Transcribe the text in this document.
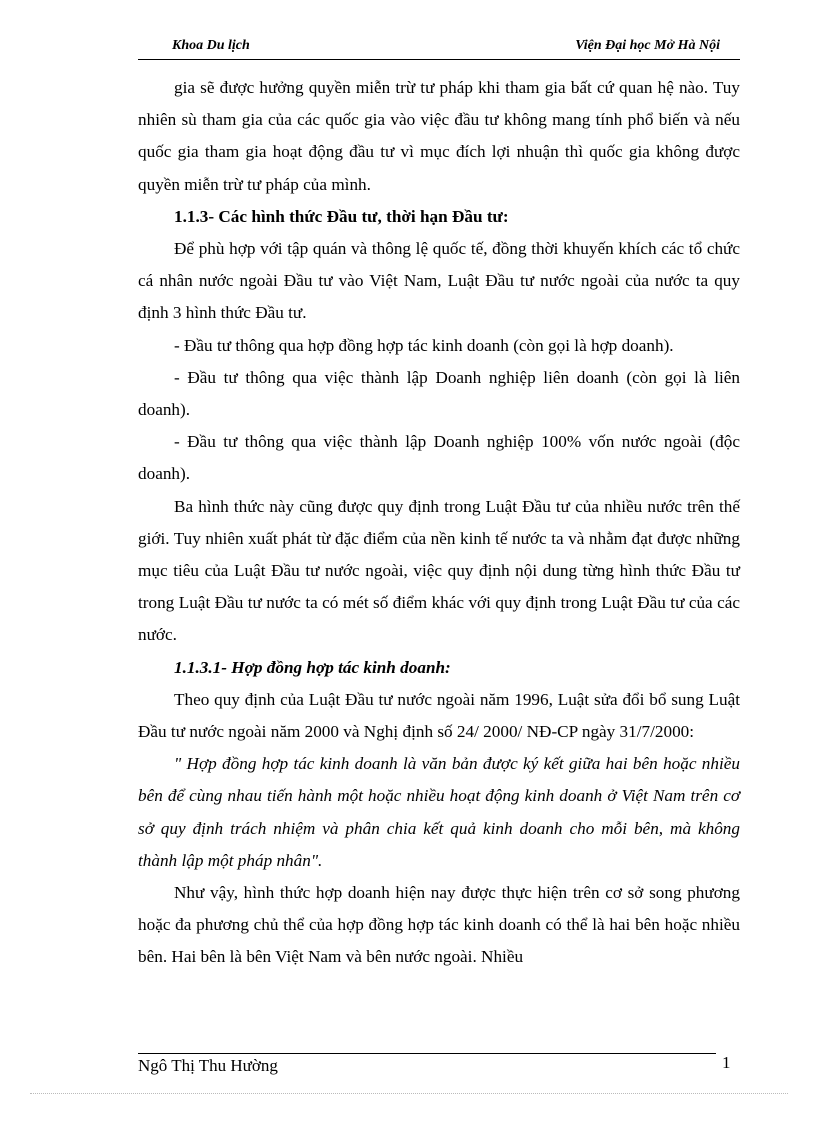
Khoa Du lịch	Viện Đại học Mở Hà Nội

gia sẽ được hưởng quyền miễn trừ tư pháp khi tham gia bất cứ quan hệ nào. Tuy nhiên sù tham gia của các quốc gia vào việc đầu tư không mang tính phổ biến và nếu quốc gia tham gia hoạt động đầu tư vì mục đích lợi nhuận thì quốc gia không được quyền miễn trừ tư pháp của mình.

1.1.3- Các hình thức Đầu tư, thời hạn Đầu tư:

Để phù hợp với tập quán và thông lệ quốc tế, đồng thời khuyến khích các tổ chức cá nhân nước ngoài Đầu tư vào Việt Nam, Luật Đầu tư nước ngoài của nước ta quy định 3 hình thức Đầu tư.

- Đầu tư thông qua hợp đồng hợp tác kinh doanh (còn gọi là hợp doanh).

- Đầu tư thông qua việc thành lập Doanh nghiệp liên doanh (còn gọi là liên doanh).

- Đầu tư thông qua việc thành lập Doanh nghiệp 100% vốn nước ngoài (độc doanh).

Ba hình thức này cũng được quy định trong Luật Đầu tư của nhiều nước trên thế giới. Tuy nhiên xuất phát từ đặc điểm của nền kinh tế nước ta và nhằm đạt được những mục tiêu của Luật Đầu tư nước ngoài, việc quy định nội dung từng hình thức Đầu tư trong Luật Đầu tư nước ta có mét số điểm khác với quy định trong Luật Đầu tư của các nước.

1.1.3.1- Hợp đồng hợp tác kinh doanh:

Theo quy định của Luật Đầu tư nước ngoài năm 1996, Luật sửa đổi bổ sung Luật Đầu tư nước ngoài năm 2000 và Nghị định số 24/ 2000/ NĐ-CP ngày 31/7/2000:

" Hợp đồng hợp tác kinh doanh là văn bản được ký kết giữa hai bên hoặc nhiều bên để cùng nhau tiến hành một hoặc nhiều hoạt động kinh doanh ở Việt Nam trên cơ sở quy định trách nhiệm và phân chia kết quả kinh doanh cho mỗi bên, mà không thành lập một pháp nhân".

Như vậy, hình thức hợp doanh hiện nay được thực hiện trên cơ sở song phương hoặc đa phương chủ thể của hợp đồng hợp tác kinh doanh có thể là hai bên hoặc nhiều bên. Hai bên là bên Việt Nam và bên nước ngoài. Nhiều

Ngô Thị Thu Hường	1
